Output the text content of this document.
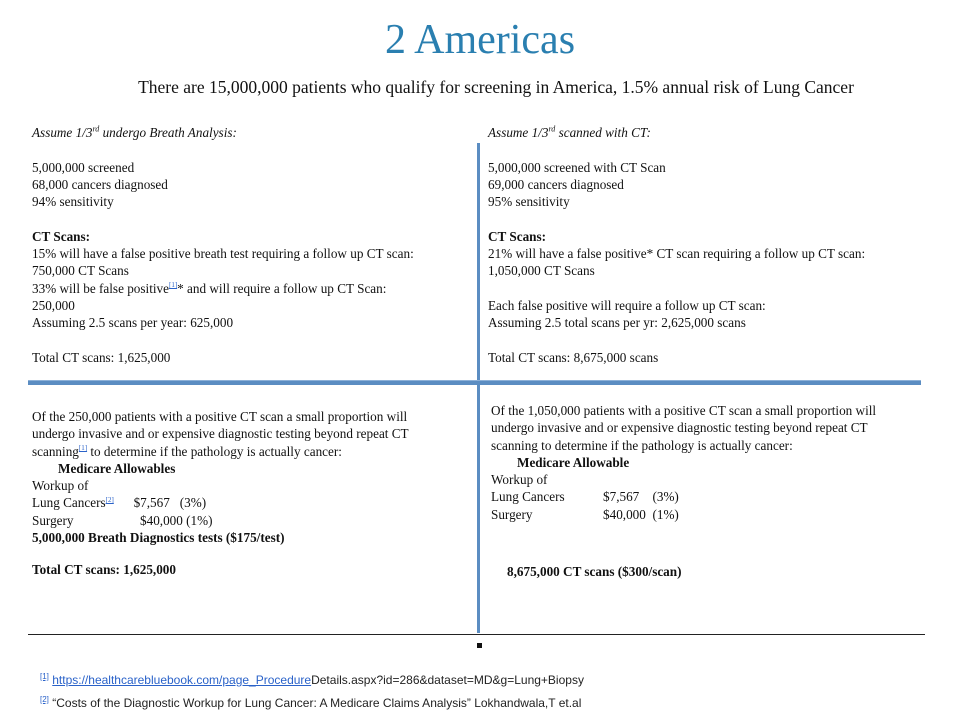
2 Americas
There are 15,000,000 patients who qualify for screening in America, 1.5% annual risk of Lung Cancer
Assume 1/3rd undergo Breath Analysis:
5,000,000 screened
68,000 cancers diagnosed
94% sensitivity
CT Scans:
15% will have a false positive breath test requiring a follow up CT scan:
750,000 CT Scans
33% will be false positive[1]* and will require a follow up CT Scan:
250,000
Assuming 2.5 scans per year: 625,000
Total CT scans: 1,625,000
Assume 1/3rd scanned with CT:
5,000,000 screened with CT Scan
69,000 cancers diagnosed
95% sensitivity
CT Scans:
21% will have a false positive* CT scan requiring a follow up CT scan:
1,050,000 CT Scans
Each false positive will require a follow up CT scan:
Assuming 2.5 total scans per yr: 2,625,000 scans
Total CT scans: 8,675,000 scans
Of the 250,000 patients with a positive CT scan a small proportion will
undergo invasive and or expensive diagnostic testing beyond repeat CT
scanning[1] to determine if the pathology is actually cancer:
Medicare Allowables
Workup of
Lung Cancers[2]      $7,567   (3%)
Surgery	$40,000 (1%)
5,000,000 Breath Diagnostics tests ($175/test)
Total CT scans: 1,625,000
Of the 1,050,000 patients with a positive CT scan a small proportion will
undergo invasive and or expensive diagnostic testing beyond repeat CT
scanning to determine if the pathology is actually cancer:
Medicare Allowable
Workup of
Lung Cancers	$7,567    (3%)
Surgery	$40,000  (1%)
8,675,000 CT scans ($300/scan)
[1] https://healthcarebluebook.com/page_ProcedureDetails.aspx?id=286&dataset=MD&g=Lung+Biopsy
[2] “Costs of the Diagnostic Workup for Lung Cancer: A Medicare Claims Analysis” Lokhandwala,T et.al
